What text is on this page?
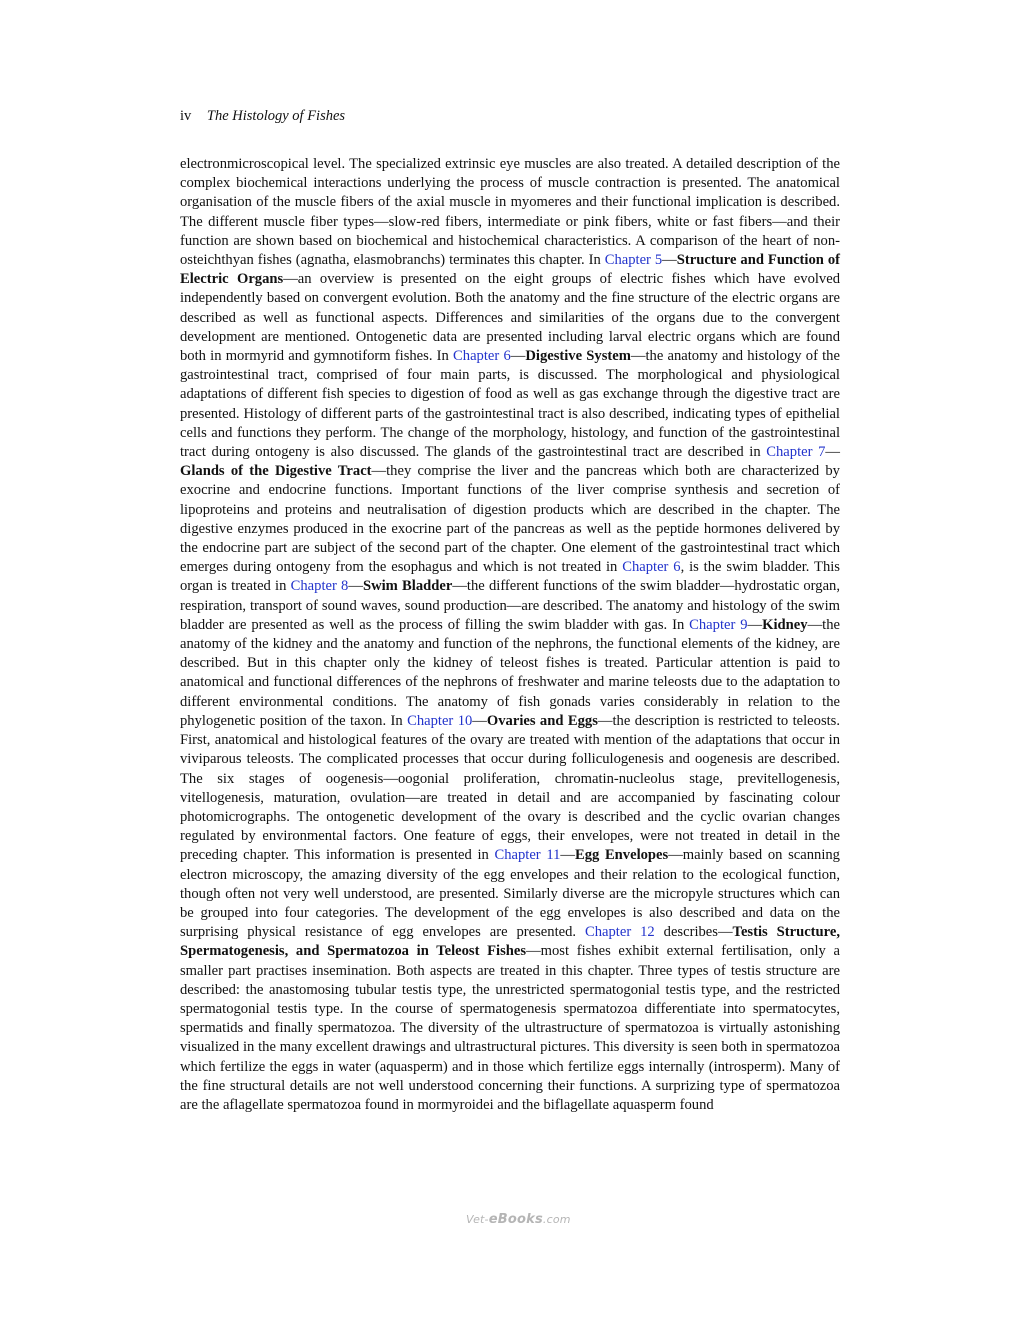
iv The Histology of Fishes

electronmicroscopical level. The specialized extrinsic eye muscles are also treated. A detailed description of the complex biochemical interactions underlying the process of muscle contraction is presented. The anatomical organisation of the muscle fibers of the axial muscle in myomeres and their functional implication is described. The different muscle fiber types—slow-red fibers, intermediate or pink fibers, white or fast fibers—and their function are shown based on biochemical and histochemical characteristics. A comparison of the heart of non-osteichthyan fishes (agnatha, elasmobranchs) terminates this chapter. In Chapter 5—Structure and Function of Electric Organs—an overview is presented on the eight groups of electric fishes which have evolved independently based on convergent evolution. Both the anatomy and the fine structure of the electric organs are described as well as functional aspects. Differences and similarities of the organs due to the convergent development are mentioned. Ontogenetic data are presented including larval electric organs which are found both in mormyrid and gymnotiform fishes. In Chapter 6—Digestive System—the anatomy and histology of the gastrointestinal tract, comprised of four main parts, is discussed. The morphological and physiological adaptations of different fish species to digestion of food as well as gas exchange through the digestive tract are presented. Histology of different parts of the gastrointestinal tract is also described, indicating types of epithelial cells and functions they perform. The change of the morphology, histology, and function of the gastrointestinal tract during ontogeny is also discussed. The glands of the gastrointestinal tract are described in Chapter 7—Glands of the Digestive Tract—they comprise the liver and the pancreas which both are characterized by exocrine and endocrine functions. Important functions of the liver comprise synthesis and secretion of lipoproteins and proteins and neutralisation of digestion products which are described in the chapter. The digestive enzymes produced in the exocrine part of the pancreas as well as the peptide hormones delivered by the endocrine part are subject of the second part of the chapter. One element of the gastrointestinal tract which emerges during ontogeny from the esophagus and which is not treated in Chapter 6, is the swim bladder. This organ is treated in Chapter 8—Swim Bladder—the different functions of the swim bladder—hydrostatic organ, respiration, transport of sound waves, sound production—are described. The anatomy and histology of the swim bladder are presented as well as the process of filling the swim bladder with gas. In Chapter 9—Kidney—the anatomy of the kidney and the anatomy and function of the nephrons, the functional elements of the kidney, are described. But in this chapter only the kidney of teleost fishes is treated. Particular attention is paid to anatomical and functional differences of the nephrons of freshwater and marine teleosts due to the adaptation to different environmental conditions. The anatomy of fish gonads varies considerably in relation to the phylogenetic position of the taxon. In Chapter 10—Ovaries and Eggs—the description is restricted to teleosts. First, anatomical and histological features of the ovary are treated with mention of the adaptations that occur in viviparous teleosts. The complicated processes that occur during folliculogenesis and oogenesis are described. The six stages of oogenesis—oogonial proliferation, chromatin-nucleolus stage, previtellogenesis, vitellogenesis, maturation, ovulation—are treated in detail and are accompanied by fascinating colour photomicrographs. The ontogenetic development of the ovary is described and the cyclic ovarian changes regulated by environmental factors. One feature of eggs, their envelopes, were not treated in detail in the preceding chapter. This information is presented in Chapter 11—Egg Envelopes—mainly based on scanning electron microscopy, the amazing diversity of the egg envelopes and their relation to the ecological function, though often not very well understood, are presented. Similarly diverse are the micropyle structures which can be grouped into four categories. The development of the egg envelopes is also described and data on the surprising physical resistance of egg envelopes are presented. Chapter 12 describes—Testis Structure, Spermatogenesis, and Spermatozoa in Teleost Fishes—most fishes exhibit external fertilisation, only a smaller part practises insemination. Both aspects are treated in this chapter. Three types of testis structure are described: the anastomosing tubular testis type, the unrestricted spermatogonial testis type, and the restricted spermatogonial testis type. In the course of spermatogenesis spermatozoa differentiate into spermatocytes, spermatids and finally spermatozoa. The diversity of the ultrastructure of spermatozoa is virtually astonishing visualized in the many excellent drawings and ultrastructural pictures. This diversity is seen both in spermatozoa which fertilize the eggs in water (aquasperm) and in those which fertilize eggs internally (introsperm). Many of the fine structural details are not well understood concerning their functions. A surprizing type of spermatozoa are the aflagellate spermatozoa found in mormyroidei and the biflagellate aquasperm found

Vet-eBooks.com
